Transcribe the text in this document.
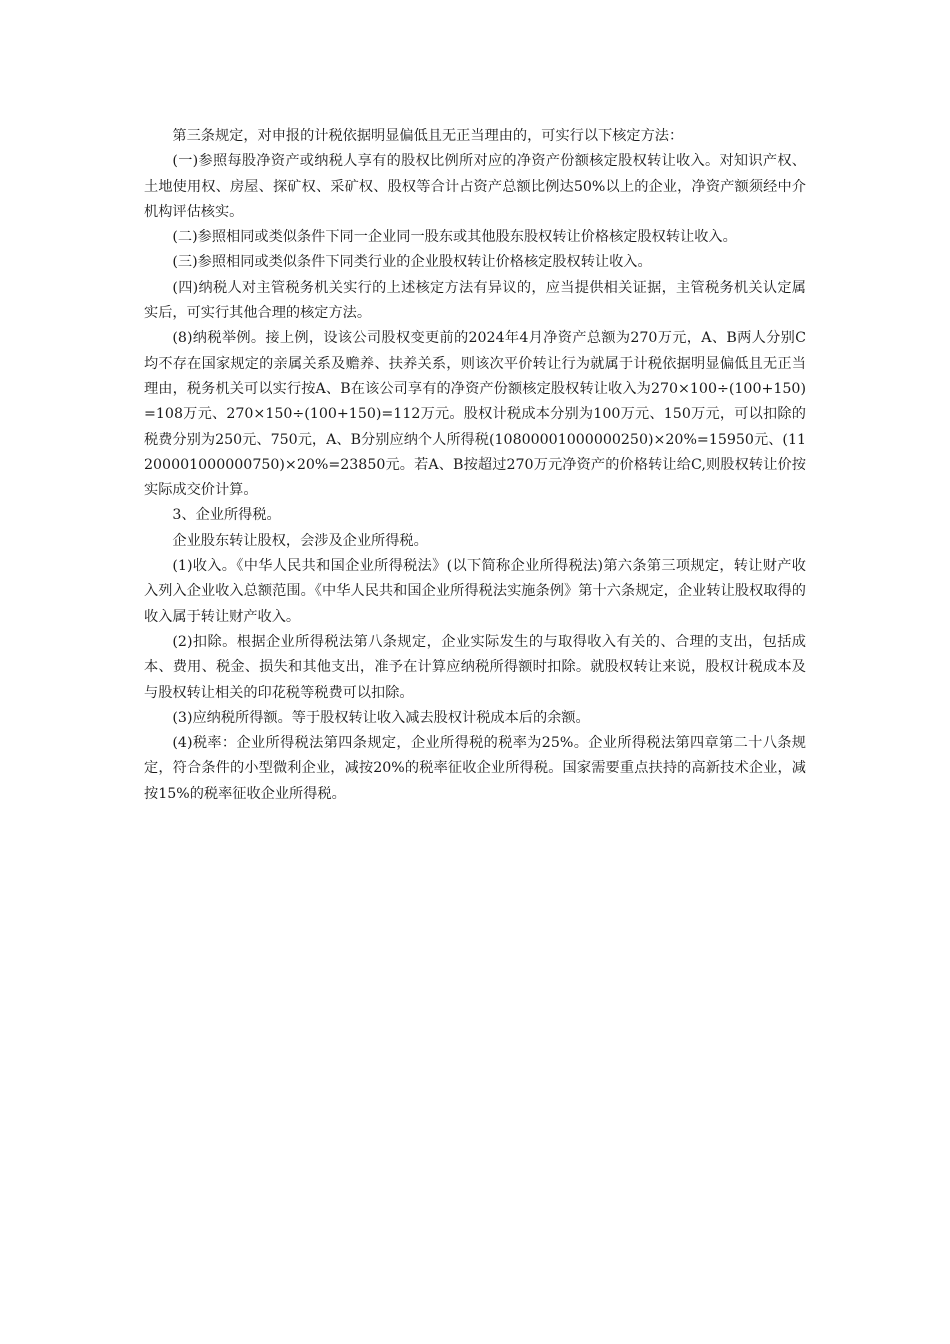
第三条规定，对申报的计税依据明显偏低且无正当理由的，可实行以下核定方法：

(一)参照每股净资产或纳税人享有的股权比例所对应的净资产份额核定股权转让收入。对知识产权、土地使用权、房屋、探矿权、采矿权、股权等合计占资产总额比例达50%以上的企业，净资产额须经中介机构评估核实。

(二)参照相同或类似条件下同一企业同一股东或其他股东股权转让价格核定股权转让收入。

(三)参照相同或类似条件下同类行业的企业股权转让价格核定股权转让收入。

(四)纳税人对主管税务机关实行的上述核定方法有异议的，应当提供相关证据，主管税务机关认定属实后，可实行其他合理的核定方法。

(8)纳税举例。接上例，设该公司股权变更前的2024年4月净资产总额为270万元，A、B两人分别C均不存在国家规定的亲属关系及赡养、扶养关系，则该次平价转让行为就属于计税依据明显偏低且无正当理由，税务机关可以实行按A、B在该公司享有的净资产份额核定股权转让收入为270×100÷(100+150)=108万元、270×150÷(100+150)=112万元。股权计税成本分别为100万元、150万元，可以扣除的税费分别为250元、750元，A、B分别应纳个人所得税(10800001000000250)×20%=15950元、(11200001000000750)×20%=23850元。若A、B按超过270万元净资产的价格转让给C,则股权转让价按实际成交价计算。

3、企业所得税。

企业股东转让股权，会涉及企业所得税。

(1)收入。《中华人民共和国企业所得税法》(以下简称企业所得税法)第六条第三项规定，转让财产收入列入企业收入总额范围。《中华人民共和国企业所得税法实施条例》第十六条规定，企业转让股权取得的收入属于转让财产收入。

(2)扣除。根据企业所得税法第八条规定，企业实际发生的与取得收入有关的、合理的支出，包括成本、费用、税金、损失和其他支出，准予在计算应纳税所得额时扣除。就股权转让来说，股权计税成本及与股权转让相关的印花税等税费可以扣除。

(3)应纳税所得额。等于股权转让收入减去股权计税成本后的余额。

(4)税率：企业所得税法第四条规定，企业所得税的税率为25%。企业所得税法第四章第二十八条规定，符合条件的小型微利企业，减按20%的税率征收企业所得税。国家需要重点扶持的高新技术企业，减按15%的税率征收企业所得税。
